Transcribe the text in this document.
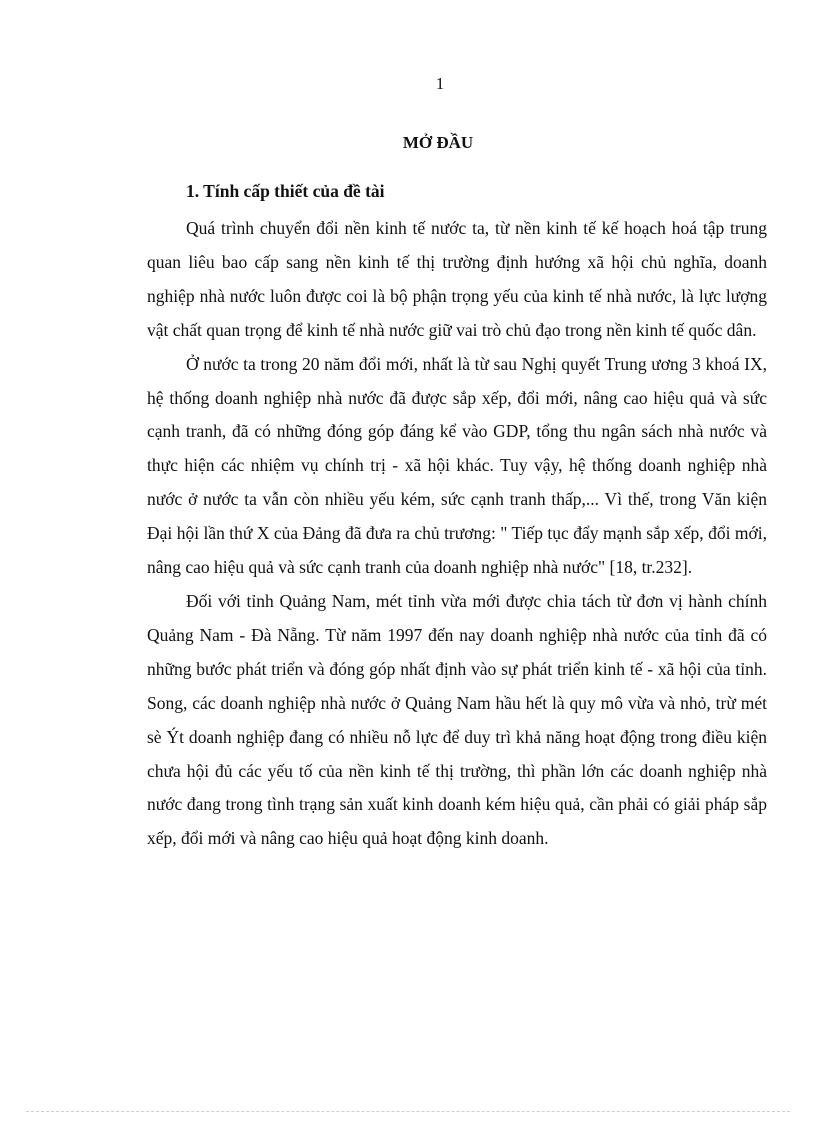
1
MỞ ĐẦU
1. Tính cấp thiết của đề tài

Quá trình chuyển đổi nền kinh tế nước ta, từ nền kinh tế kế hoạch hoá tập trung quan liêu bao cấp sang nền kinh tế thị trường định hướng xã hội chủ nghĩa, doanh nghiệp nhà nước luôn được coi là bộ phận trọng yếu của kinh tế nhà nước, là lực lượng vật chất quan trọng để kinh tế nhà nước giữ vai trò chủ đạo trong nền kinh tế quốc dân.

Ở nước ta trong 20 năm đổi mới, nhất là từ sau Nghị quyết Trung ương 3 khoá IX, hệ thống doanh nghiệp nhà nước đã được sắp xếp, đổi mới, nâng cao hiệu quả và sức cạnh tranh, đã có những đóng góp đáng kể vào GDP, tổng thu ngân sách nhà nước và thực hiện các nhiệm vụ chính trị - xã hội khác. Tuy vậy, hệ thống doanh nghiệp nhà nước ở nước ta vẫn còn nhiều yếu kém, sức cạnh tranh thấp,... Vì thế, trong Văn kiện Đại hội lần thứ X của Đảng đã đưa ra chủ trương: " Tiếp tục đẩy mạnh sắp xếp, đổi mới, nâng cao hiệu quả và sức cạnh tranh của doanh nghiệp nhà nước" [18, tr.232].

Đối với tỉnh Quảng Nam, mét tỉnh vừa mới được chia tách từ đơn vị hành chính Quảng Nam - Đà Nẵng. Từ năm 1997 đến nay doanh nghiệp nhà nước của tỉnh đã có những bước phát triển và đóng góp nhất định vào sự phát triển kinh tế - xã hội của tỉnh. Song, các doanh nghiệp nhà nước ở Quảng Nam hầu hết là quy mô vừa và nhỏ, trừ mét sè Ýt doanh nghiệp đang có nhiều nỗ lực để duy trì khả năng hoạt động trong điều kiện chưa hội đủ các yếu tố của nền kinh tế thị trường, thì phần lớn các doanh nghiệp nhà nước đang trong tình trạng sản xuất kinh doanh kém hiệu quả, cần phải có giải pháp sắp xếp, đổi mới và nâng cao hiệu quả hoạt động kinh doanh.
